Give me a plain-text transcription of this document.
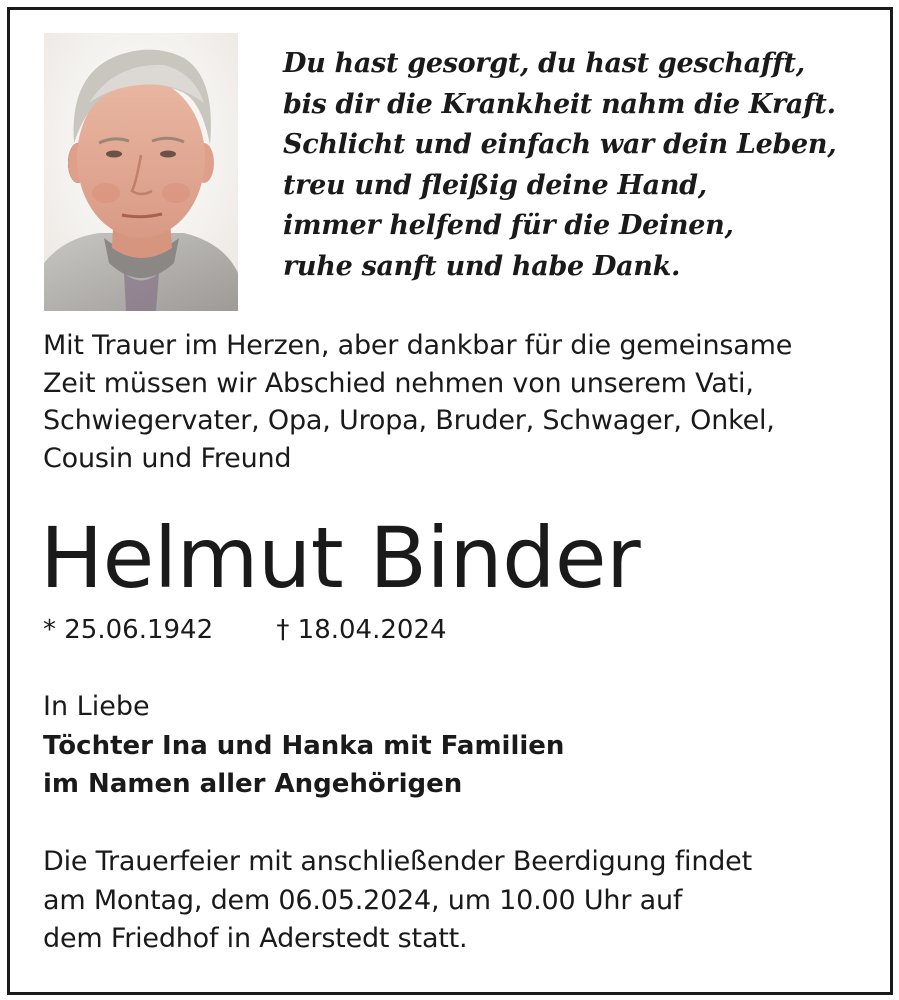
Du hast gesorgt, du hast geschafft,
bis dir die Krankheit nahm die Kraft.
Schlicht und einfach war dein Leben,
treu und fleißig deine Hand,
immer helfend für die Deinen,
ruhe sanft und habe Dank.
Mit Trauer im Herzen, aber dankbar für die gemeinsame
Zeit müssen wir Abschied nehmen von unserem Vati,
Schwiegervater, Opa, Uropa, Bruder, Schwager, Onkel,
Cousin und Freund
Helmut Binder
* 25.06.1942 † 18.04.2024
In Liebe
Töchter Ina und Hanka mit Familien
im Namen aller Angehörigen
Die Trauerfeier mit anschließender Beerdigung findet
am Montag, dem 06.05.2024, um 10.00 Uhr auf
dem Friedhof in Aderstedt statt.
